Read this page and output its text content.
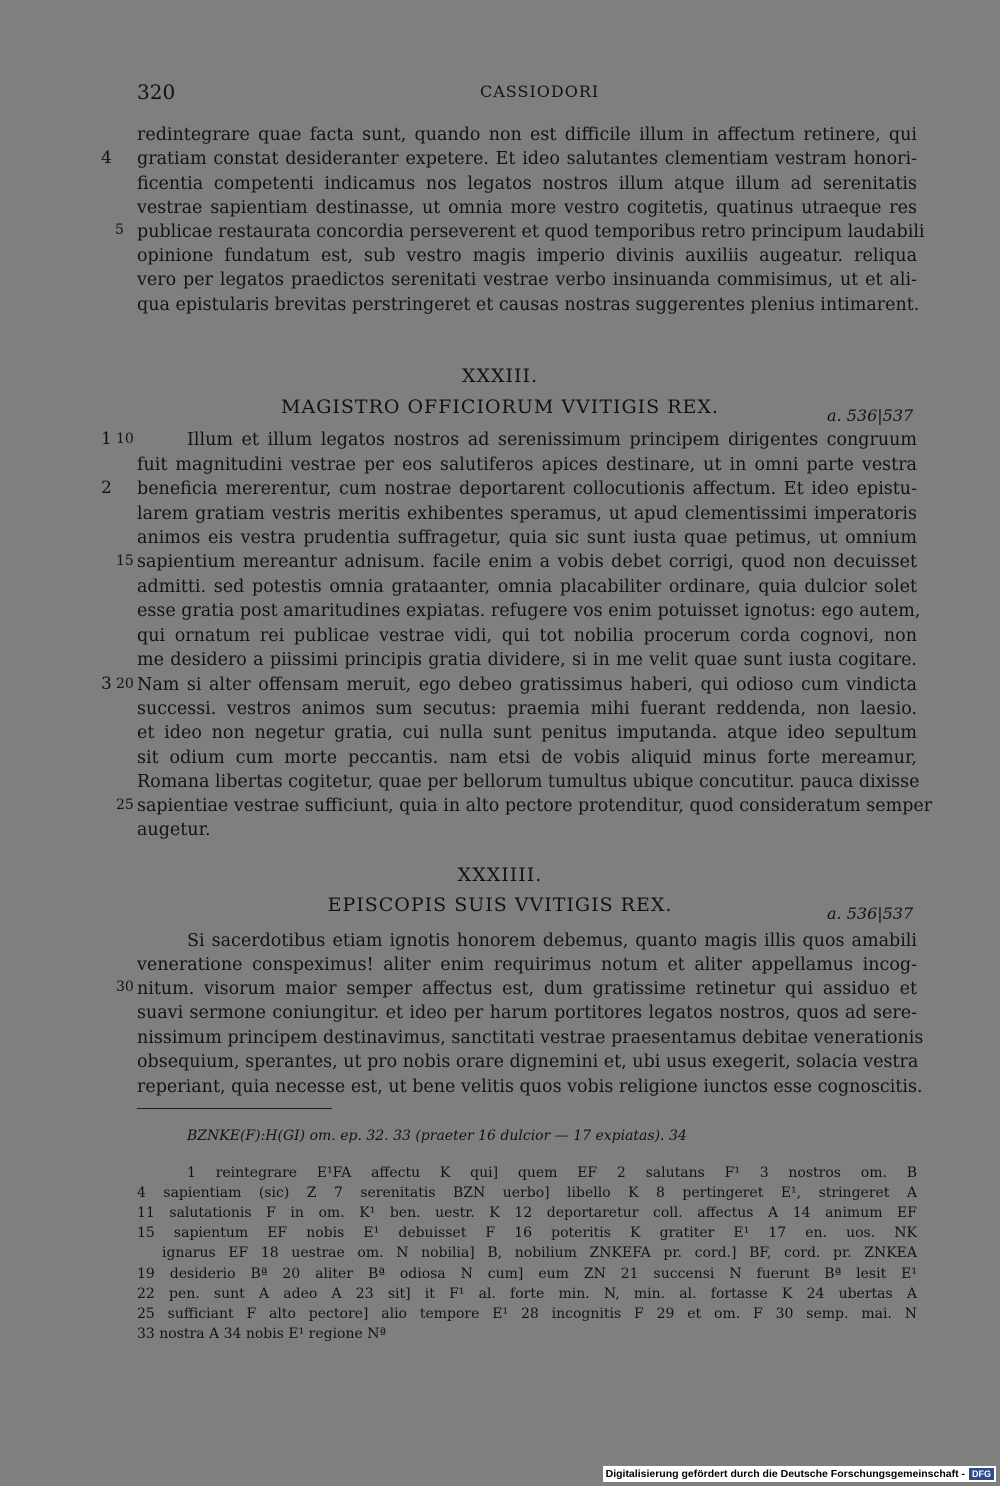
320	CASSIODORI
redintegrare quae facta sunt, quando non est difficile illum in affectum retinere, qui
gratiam constat desideranter expetere. Et ideo salutantes clementiam vestram honori-
ficentia competenti indicamus nos legatos nostros illum atque illum ad serenitatis
vestrae sapientiam destinasse, ut omnia more vestro cogitetis, quatinus utraeque res
publicae restaurata concordia perseverent et quod temporibus retro principum laudabili
opinione fundatum est, sub vestro magis imperio divinis auxiliis augeatur. reliqua
vero per legatos praedictos serenitati vestrae verbo insinuanda commisimus, ut et ali-
qua epistularis brevitas perstringeret et causas nostras suggerentes plenius intimarent.
XXXIII.
MAGISTRO OFFICIORUM VVITIGIS REX.	a. 536|537
Illum et illum legatos nostros ad serenissimum principem dirigentes congruum
fuit magnitudini vestrae per eos salutiferos apices destinare, ut in omni parte vestra
beneficia mererentur, cum nostrae deportarent collocutionis affectum. Et ideo epistu-
larem gratiam vestris meritis exhibentes speramus, ut apud clementissimi imperatoris
animos eis vestra prudentia suffragetur, quia sic sunt iusta quae petimus, ut omnium
sapientium mereantur adnisum. facile enim a vobis debet corrigi, quod non decuisset
admitti. sed potestis omnia grataanter, omnia placabiliter ordinare, quia dulcior solet
esse gratia post amaritudines expiatas. refugere vos enim potuisset ignotus: ego autem,
qui ornatum rei publicae vestrae vidi, qui tot nobilia procerum corda cognovi, non
me desidero a piissimi principis gratia dividere, si in me velit quae sunt iusta cogitare.
Nam si alter offensam meruit, ego debeo gratissimus haberi, qui odioso cum vindicta
successi. vestros animos sum secutus: praemia mihi fuerant reddenda, non laesio.
et ideo non negetur gratia, cui nulla sunt penitus imputanda. atque ideo sepultum
sit odium cum morte peccantis. nam etsi de vobis aliquid minus forte mereamur,
Romana libertas cogitetur, quae per bellorum tumultus ubique concutitur. pauca dixisse
sapientiae vestrae sufficiunt, quia in alto pectore protenditur, quod consideratum semper
augetur.
XXXIIII.
EPISCOPIS SUIS VVITIGIS REX.	a. 536|537
Si sacerdotibus etiam ignotis honorem debemus, quanto magis illis quos amabili
veneratione conspeximus! aliter enim requirimus notum et aliter appellamus incog-
nitum. visorum maior semper affectus est, dum gratissime retinetur qui assiduo et
suavi sermone coniungitur. et ideo per harum portitores legatos nostros, quos ad sere-
nissimum principem destinavimus, sanctitati vestrae praesentamus debitae venerationis
obsequium, sperantes, ut pro nobis orare dignemini et, ubi usus exegerit, solacia vestra
reperiant, quia necesse est, ut bene velitis quos vobis religione iunctos esse cognoscitis.
4
5
1 10
2
15
3 20
25
30
BZNKE(F):H(GI) om. ep. 32. 33 (praeter 16 dulcior — 17 expiatas). 34
1 reintegrare E¹FA affectu K qui] quem EF 2 salutans F¹ 3 nostros om. B
4 sapientiam (sic) Z 7 serenitatis BZN uerbo] libello K 8 pertingeret E¹, stringeret A
11 salutationis F in om. K¹ ben. uestr. K 12 deportaretur coll. affectus A 14 animum EF
15 sapientum EF nobis E¹ debuisset F 16 poteritis K gratiter E¹ 17 en. uos. NK
ignarus EF 18 uestrae om. N nobilia] B, nobilium ZNKEFA pr. cord.] BF, cord. pr. ZNKEA
19 desiderio Bª 20 aliter Bª odiosa N cum] eum ZN 21 succensi N fuerunt Bª lesit E¹
22 pen. sunt A adeo A 23 sit] it F¹ al. forte min. N, min. al. fortasse K 24 ubertas A
25 sufficiant F alto pectore] alio tempore E¹ 28 incognitis F 29 et om. F 30 semp. mai. N
33 nostra A 34 nobis E¹ regione Nª
Digitalisierung gefördert durch die Deutsche Forschungsgemeinschaft - DFG
